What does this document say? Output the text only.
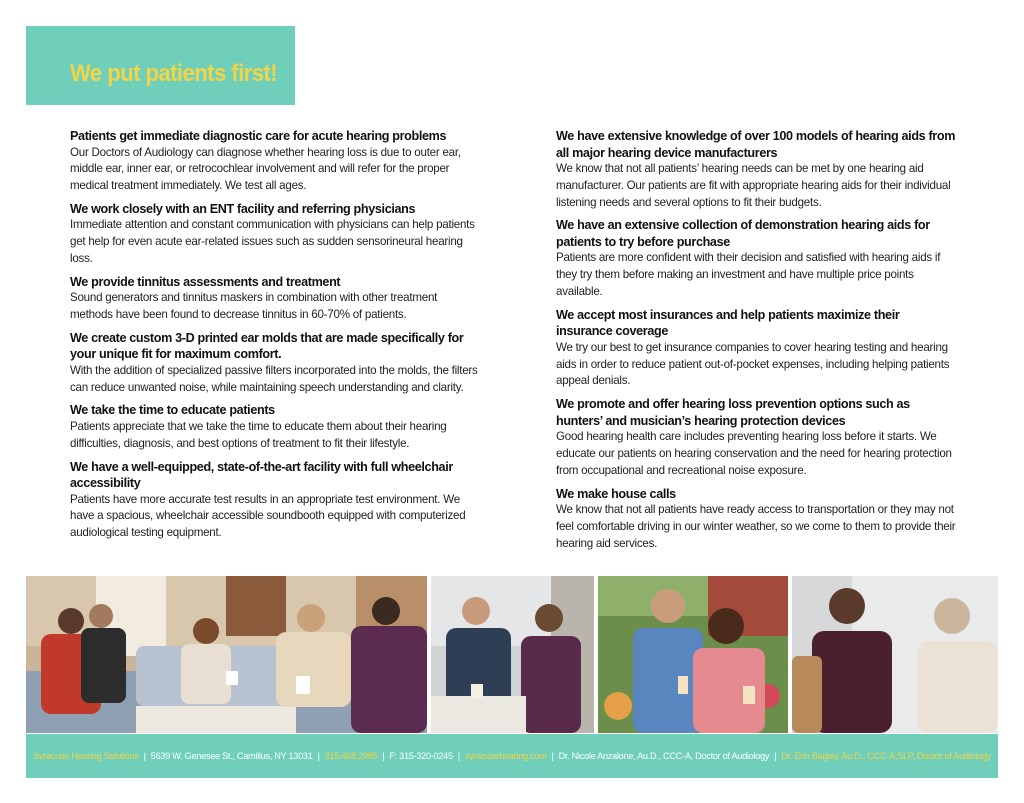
We put patients first!
Patients get immediate diagnostic care for acute hearing problems

Our Doctors of Audiology can diagnose whether hearing loss is due to outer ear, middle ear, inner ear, or retrocochlear involvement and will refer for the proper medical treatment immediately. We test all ages.

We work closely with an ENT facility and referring physicians

Immediate attention and constant communication with physicians can help patients get help for even acute ear-related issues such as sudden sensorineural hearing loss.

We provide tinnitus assessments and treatment

Sound generators and tinnitus maskers in combination with other treatment methods have been found to decrease tinnitus in 60-70% of patients.

We create custom 3-D printed ear molds that are made specifically for your unique fit for maximum comfort.

With the addition of specialized passive filters incorporated into the molds, the filters can reduce unwanted noise, while maintaining speech understanding and clarity.

We take the time to educate patients

Patients appreciate that we take the time to educate them about their hearing difficulties, diagnosis, and best options of treatment to fit their lifestyle.

We have a well-equipped, state-of-the-art facility with full wheelchair accessibility

Patients have more accurate test results in an appropriate test environment. We have a spacious, wheelchair accessible soundbooth equipped with computerized audiological testing equipment.

We have extensive knowledge of over 100 models of hearing aids from all major hearing device manufacturers

We know that not all patients’ hearing needs can be met by one hearing aid manufacturer. Our patients are fit with appropriate hearing aids for their individual listening needs and several options to fit their budgets.

We have an extensive collection of demonstration hearing aids for patients to try before purchase

Patients are more confident with their decision and satisfied with hearing aids if they try them before making an investment and have multiple price points available.

We accept most insurances and help patients maximize their insurance coverage

We try our best to get insurance companies to cover hearing testing and hearing aids in order to reduce patient out-of-pocket expenses, including helping patients appeal denials.

We promote and offer hearing loss prevention options such as hunters’ and musician’s hearing protection devices

Good hearing health care includes preventing hearing loss before it starts. We educate our patients on hearing conservation and the need for hearing protection from occupational and recreational noise exposure.

We make house calls

We know that not all patients have ready access to transportation or they may not feel comfortable driving in our winter weather, so we come to them to provide their hearing aid services.

Syracuse Hearing Solutions | 5639 W. Genesee St., Camillus, NY 13031 | 315.468.2985 | F: 315-320-0245 | syracusehearing.com | Dr. Nicole Anzalone, Au.D., CCC-A, Doctor of Audiology | Dr. Erin Bagley, Au.D., CCC-A,SLP, Doctor of Audiology
